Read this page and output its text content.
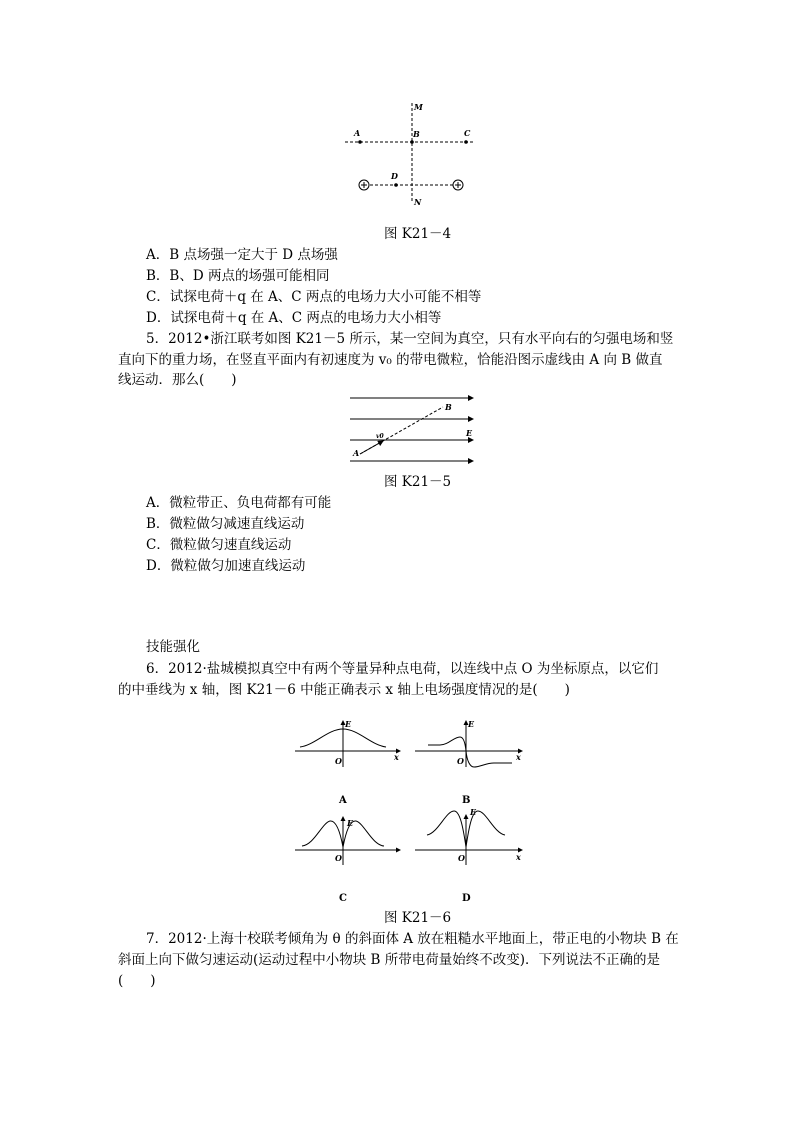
M
A	B	C
D
N
图 K21－4
A．B 点场强一定大于 D 点场强
B．B、D 两点的场强可能相同
C．试探电荷＋q 在 A、C 两点的电场力大小可能不相等
D．试探电荷＋q 在 A、C 两点的电场力大小相等
5．2012•浙江联考如图 K21－5 所示，某一空间为真空，只有水平向右的匀强电场和竖
直向下的重力场，在竖直平面内有初速度为 v₀ 的带电微粒，恰能沿图示虚线由 A 向 B 做直
线运动．那么(　　)
B
E
v0
A
图 K21－5
A．微粒带正、负电荷都有可能
B．微粒做匀减速直线运动
C．微粒做匀速直线运动
D．微粒做匀加速直线运动
技能强化
6．2012·盐城模拟真空中有两个等量异种点电荷，以连线中点 O 为坐标原点，以它们
的中垂线为 x 轴，图 K21－6 中能正确表示 x 轴上电场强度情况的是(　　)
E
O	x
A
E
O	x
B
E
O
C
E
O	x
D
图 K21－6
7．2012·上海十校联考倾角为 θ 的斜面体 A 放在粗糙水平地面上，带正电的小物块 B 在
斜面上向下做匀速运动(运动过程中小物块 B 所带电荷量始终不改变)．下列说法不正确的是
(　　)
